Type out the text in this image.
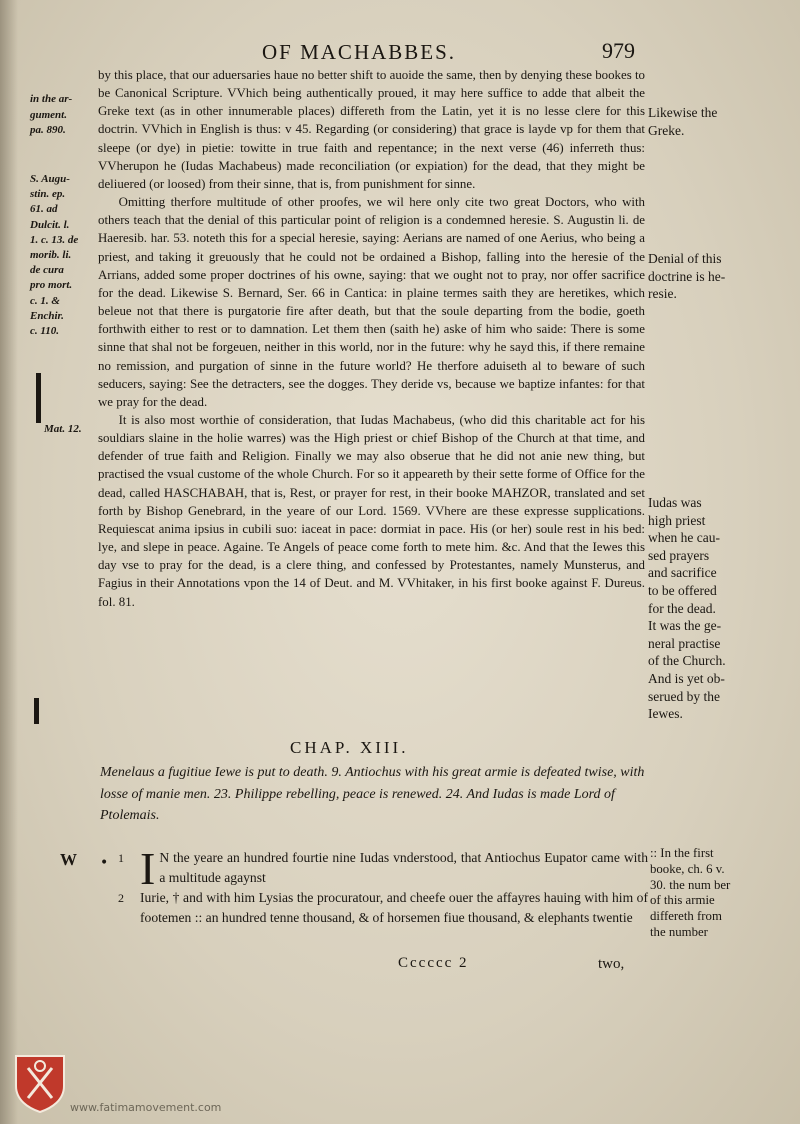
OF MACHABBES.	979
in the ar-
gument.
pa. 890.
S. Augu-
stin. ep.
61. ad
Dulcit. l.
1. c. 13. de
morib. li.
de cura
pro mort.
c. 1. &
Enchir.
c. 110.
Mat. 12.
Likewise the
Greke.
Denial of this
doctrine is he-
resie.
Iudas was
high priest
when he cau-
sed prayers
and sacrifice
to be offered
for the dead.
It was the ge-
neral practise
of the Church.
And is yet ob-
serued by the
Iewes.

by this place, that our aduersaries haue no better shift to auoide the same, then by denying these bookes to be Canonical Scripture. VVhich being authentically proued, it may here suffice to adde that albeit the Greke text (as in other innumerable places) differeth from the Latin, yet it is no lesse clere for this doctrin. VVhich in English is thus: v 45. Regarding (or considering) that grace is layde vp for them that sleepe (or dye) in pietie: towitte in true faith and repentance; in the next verse (46) inferreth thus: VVherupon he (Iudas Machabeus) made reconciliation (or expiation) for the dead, that they might be deliuered (or loosed) from their sinne, that is, from punishment for sinne.

Omitting therfore multitude of other proofes, we wil here only cite two great Doctors, who with others teach that the denial of this particular point of religion is a condemned heresie. S. Augustin li. de Haeresib. har. 53. noteth this for a special heresie, saying: Aerians are named of one Aerius, who being a priest, and taking it greuously that he could not be ordained a Bishop, falling into the heresie of the Arrians, added some proper doctrines of his owne, saying: that we ought not to pray, nor offer sacrifice for the dead. Likewise S. Bernard, Ser. 66 in Cantica: in plaine termes saith they are heretikes, which beleue not that there is purgatorie fire after death, but that the soule departing from the bodie, goeth forthwith either to rest or to damnation. Let them then (saith he) aske of him who saide: There is some sinne that shal not be forgeuen, neither in this world, nor in the future: why he sayd this, if there remaine no remission, and purgation of sinne in the future world? He therfore aduiseth al to beware of such seducers, saying: See the detracters, see the dogges. They deride vs, because we baptize infantes: for that we pray for the dead.

It is also most worthie of consideration, that Iudas Machabeus, (who did this charitable act for his souldiars slaine in the holie warres) was the High priest or chief Bishop of the Church at that time, and defender of true faith and Religion. Finally we may also obserue that he did not anie new thing, but practised the vsual custome of the whole Church. For so it appeareth by their sette forme of Office for the dead, called HASCHABAH, that is, Rest, or prayer for rest, in their booke MAHZOR, translated and set forth by Bishop Genebrard, in the yeare of our Lord. 1569. VVhere are these expresse supplications. Requiescat anima ipsius in cubili suo: iaceat in pace: dormiat in pace. His (or her) soule rest in his bed: lye, and slepe in peace. Againe. Te Angels of peace come forth to mete him. &c. And that the Iewes this day vse to pray for the dead, is a clere thing, and confessed by Protestantes, namely Munsterus, and Fagius in their Annotations vpon the 14 of Deut. and M. VVhitaker, in his first booke against F. Dureus. fol. 81.

CHAP. XIII.
Menelaus a fugitiue Iewe is put to death. 9. Antiochus with his great armie is defeated twise, with losse of manie men. 23. Philippe rebelling, peace is renewed. 24. And Iudas is made Lord of Ptolemais.
W • 1 I N the yeare an hundred fourtie nine Iudas vnderstood, that Antiochus Eupator came with a multitude agaynst
2 Iurie, † and with him Lysias the procuratour, and cheefe ouer the affayres hauing with him of footemen :: an hundred tenne thousand, & of horsemen fiue thousand, & elephants twentie
:: In the first
booke, ch. 6 v.
30. the num ber
of this armie
differeth from
the number
Cccccc 2	two,
www.fatimamovement.com
